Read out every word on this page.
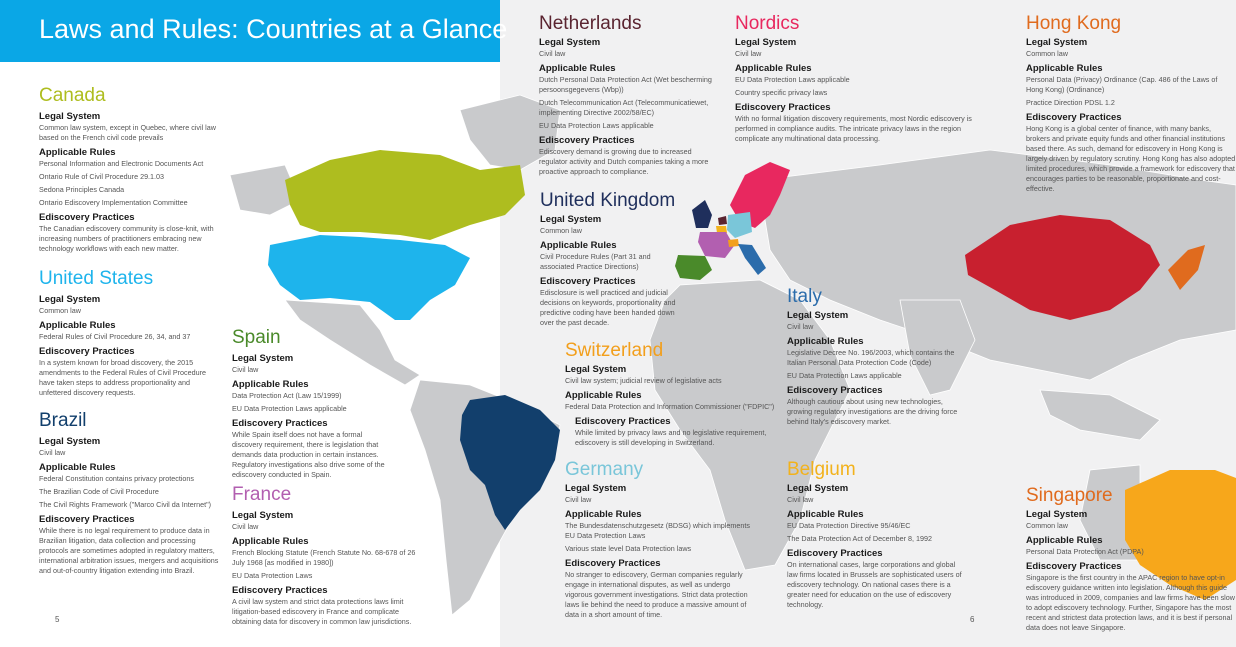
Laws and Rules: Countries at a Glance
Canada
Legal System
Common law system, except in Quebec, where civil law based on the French civil code prevails
Applicable Rules
Personal Information and Electronic Documents Act
Ontario Rule of Civil Procedure 29.1.03
Sedona Principles Canada
Ontario Ediscovery Implementation Committee
Ediscovery Practices
The Canadian ediscovery community is close-knit, with increasing numbers of practitioners embracing new technology workflows with each new matter.
United States
Legal System
Common law
Applicable Rules
Federal Rules of Civil Procedure 26, 34, and 37
Ediscovery Practices
In a system known for broad discovery, the 2015 amendments to the Federal Rules of Civil Procedure have taken steps to address proportionality and unfettered discovery requests.
Brazil
Legal System
Civil law
Applicable Rules
Federal Constitution contains privacy protections
The Brazilian Code of Civil Procedure
The Civil Rights Framework ("Marco Civil da Internet")
Ediscovery Practices
While there is no legal requirement to produce data in Brazilian litigation, data collection and processing protocols are sometimes adopted in regulatory matters, international arbitration issues, mergers and acquisitions and out-of-country litigation extending into Brazil.
Spain
Legal System
Civil law
Applicable Rules
Data Protection Act (Law 15/1999)
EU Data Protection Laws applicable
Ediscovery Practices
While Spain itself does not have a formal discovery requirement, there is legislation that demands data production in certain instances. Regulatory investigations also drive some of the ediscovery conducted in Spain.
France
Legal System
Civil law
Applicable Rules
French Blocking Statute (French Statute No. 68-678 of 26 July 1968 [as modified in 1980])
EU Data Protection Laws
Ediscovery Practices
A civil law system and strict data protections laws limit litigation-based ediscovery in France and complicate obtaining data for discovery in common law jurisdictions.
Netherlands
Legal System
Civil law
Applicable Rules
Dutch Personal Data Protection Act (Wet bescherming persoonsgegevens (Wbp))
Dutch Telecommunication Act (Telecommunicatiewet, implementing Directive 2002/58/EC)
EU Data Protection Laws applicable
Ediscovery Practices
Ediscovery demand is growing due to increased regulator activity and Dutch companies taking a more proactive approach to compliance.
Nordics
Legal System
Civil law
Applicable Rules
EU Data Protection Laws applicable
Country specific privacy laws
Ediscovery Practices
With no formal litigation discovery requirements, most Nordic ediscovery is performed in compliance audits. The intricate privacy laws in the region complicate any multinational data processing.
Hong Kong
Legal System
Common law
Applicable Rules
Personal Data (Privacy) Ordinance (Cap. 486 of the Laws of Hong Kong) (Ordinance)
Practice Direction PDSL 1.2
Ediscovery Practices
Hong Kong is a global center of finance, with many banks, brokers and private equity funds and other financial institutions based there. As such, demand for ediscovery in Hong Kong is largely driven by regulatory scrutiny. Hong Kong has also adopted limited procedures, which provide a framework for ediscovery that encourages parties to be reasonable, proportionate and cost-effective.
United Kingdom
Legal System
Common law
Applicable Rules
Civil Procedure Rules (Part 31 and associated Practice Directions)
Ediscovery Practices
Edisclosure is well practiced and judicial decisions on keywords, proportionality and predictive coding have been handed down over the past decade.
Italy
Legal System
Civil law
Applicable Rules
Legislative Decree No. 196/2003, which contains the Italian Personal Data Protection Code (Code)
EU Data Protection Laws applicable
Ediscovery Practices
Although cautious about using new technologies, growing regulatory investigations are the driving force behind Italy's ediscovery market.
Switzerland
Legal System
Civil law system; judicial review of legislative acts
Applicable Rules
Federal Data Protection and Information Commissioner ("FDPIC")
Ediscovery Practices
While limited by privacy laws and no legislative requirement, ediscovery is still developing in Switzerland.
Germany
Legal System
Civil law
Applicable Rules
The Bundesdatenschutzgesetz (BDSG) which implements EU Data Protection Laws
Various state level Data Protection laws
Ediscovery Practices
No stranger to ediscovery, German companies regularly engage in international disputes, as well as undergo vigorous government investigations. Strict data protection laws lie behind the need to produce a massive amount of data in a short amount of time.
Belgium
Legal System
Civil law
Applicable Rules
EU Data Protection Directive 95/46/EC
The Data Protection Act of December 8, 1992
Ediscovery Practices
On international cases, large corporations and global law firms located in Brussels are sophisticated users of ediscovery technology. On national cases there is a greater need for education on the use of ediscovery technology.
Singapore
Legal System
Common law
Applicable Rules
Personal Data Protection Act (PDPA)
Ediscovery Practices
Singapore is the first country in the APAC region to have opt-in ediscovery guidance written into legislation. Although this guide was introduced in 2009, companies and law firms have been slow to adopt ediscovery technology. Further, Singapore has the most recent and strictest data protection laws, and it is best if personal data does not leave Singapore.
5	6
